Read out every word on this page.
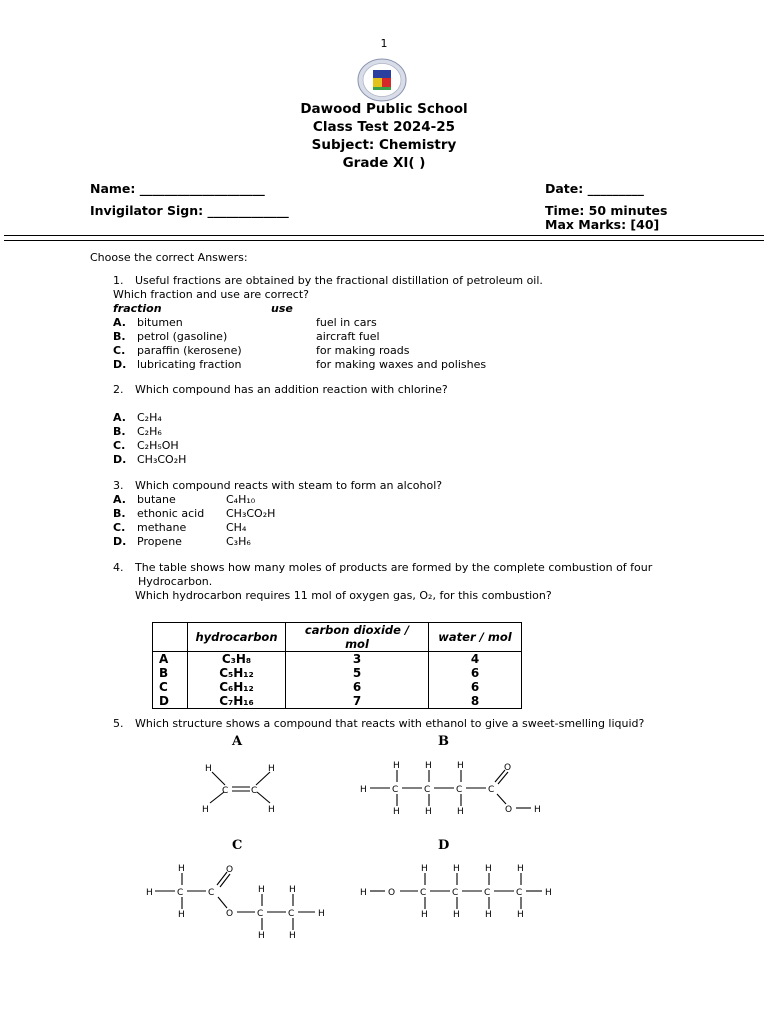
1
Dawood Public School
Class Test 2024-25
Subject: Chemistry
Grade XI( )
Name: ____________________	Date: _________
Invigilator Sign: _____________	Time: 50 minutes
Max Marks: [40]
Choose the correct Answers:
1. Useful fractions are obtained by the fractional distillation of petroleum oil.
Which fraction and use are correct?
fraction	use
A. bitumen	fuel in cars
B. petrol (gasoline)	aircraft fuel
C. paraffin (kerosene)	for making roads
D. lubricating fraction	for making waxes and polishes
2. Which compound has an addition reaction with chlorine?
A. C₂H₄
B. C₂H₆
C. C₂H₅OH
D. CH₃CO₂H
3. Which compound reacts with steam to form an alcohol?
A. butane	C₄H₁₀
B. ethonic acid CH₃CO₂H
C. methane	CH₄
D. Propene	C₃H₆
4. The table shows how many moles of products are formed by the complete combustion of four
Hydrocarbon.
Which hydrocarbon requires 11 mol of oxygen gas, O₂, for this combustion?
	hydrocarbon	carbon dioxide / mol	water / mol
A	C₃H₈	3	4
B	C₅H₁₂	5	6
C	C₆H₁₂	6	6
D	C₇H₁₆	7	8
5. Which structure shows a compound that reacts with ethanol to give a sweet-smelling liquid?
A	B
C	D
H	H
H	H
C	C	H	C	C	C	C
H	H	H
H	H	H
O
O H
H	C	C
H
H
O
O	C	C
H	H
H	H
H
H O	C	C	C	C	H
H	H	H	H
H	H	H	H
